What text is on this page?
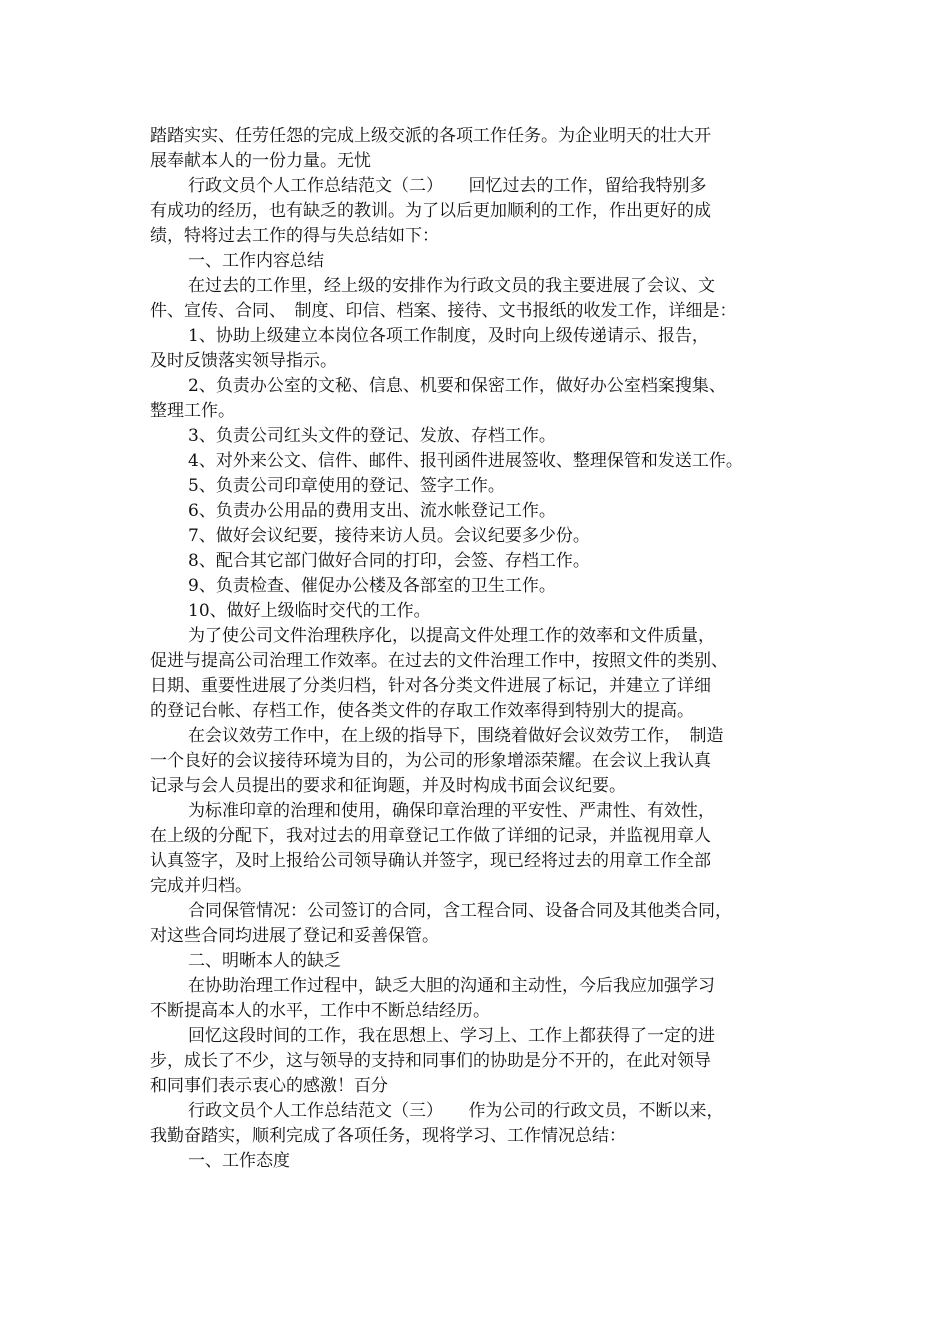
踏踏实实、任劳任怨的完成上级交派的各项工作任务。为企业明天的壮大开
展奉献本人的一份力量。无忧
行政文员个人工作总结范文（二）　　回忆过去的工作，留给我特别多
有成功的经历，也有缺乏的教训。为了以后更加顺利的工作，作出更好的成
绩，特将过去工作的得与失总结如下：
一、工作内容总结
在过去的工作里，经上级的安排作为行政文员的我主要进展了会议、文
件、宣传、合同、　制度、印信、档案、接待、文书报纸的收发工作，详细是：
1、协助上级建立本岗位各项工作制度，及时向上级传递请示、报告，
及时反馈落实领导指示。
2、负责办公室的文秘、信息、机要和保密工作，做好办公室档案搜集、
整理工作。
3、负责公司红头文件的登记、发放、存档工作。
4、对外来公文、信件、邮件、报刊函件进展签收、整理保管和发送工作。
5、负责公司印章使用的登记、签字工作。
6、负责办公用品的费用支出、流水帐登记工作。
7、做好会议纪要，接待来访人员。会议纪要多少份。
8、配合其它部门做好合同的打印，会签、存档工作。
9、负责检查、催促办公楼及各部室的卫生工作。
10、做好上级临时交代的工作。
为了使公司文件治理秩序化，以提高文件处理工作的效率和文件质量，
促进与提高公司治理工作效率。在过去的文件治理工作中，按照文件的类别、
日期、重要性进展了分类归档，针对各分类文件进展了标记，并建立了详细
的登记台帐、存档工作，使各类文件的存取工作效率得到特别大的提高。
在会议效劳工作中，在上级的指导下，围绕着做好会议效劳工作，　制造
一个良好的会议接待环境为目的，为公司的形象增添荣耀。在会议上我认真
记录与会人员提出的要求和征询题，并及时构成书面会议纪要。
为标准印章的治理和使用，确保印章治理的平安性、严肃性、有效性，
在上级的分配下，我对过去的用章登记工作做了详细的记录，并监视用章人
认真签字，及时上报给公司领导确认并签字，现已经将过去的用章工作全部
完成并归档。
合同保管情况：公司签订的合同，含工程合同、设备合同及其他类合同，
对这些合同均进展了登记和妥善保管。
二、明晰本人的缺乏
在协助治理工作过程中，缺乏大胆的沟通和主动性，今后我应加强学习
不断提高本人的水平，工作中不断总结经历。
回忆这段时间的工作，我在思想上、学习上、工作上都获得了一定的进
步，成长了不少，这与领导的支持和同事们的协助是分不开的，在此对领导
和同事们表示衷心的感激！百分
行政文员个人工作总结范文（三）　　作为公司的行政文员，不断以来，
我勤奋踏实，顺利完成了各项任务，现将学习、工作情况总结：
一、工作态度
